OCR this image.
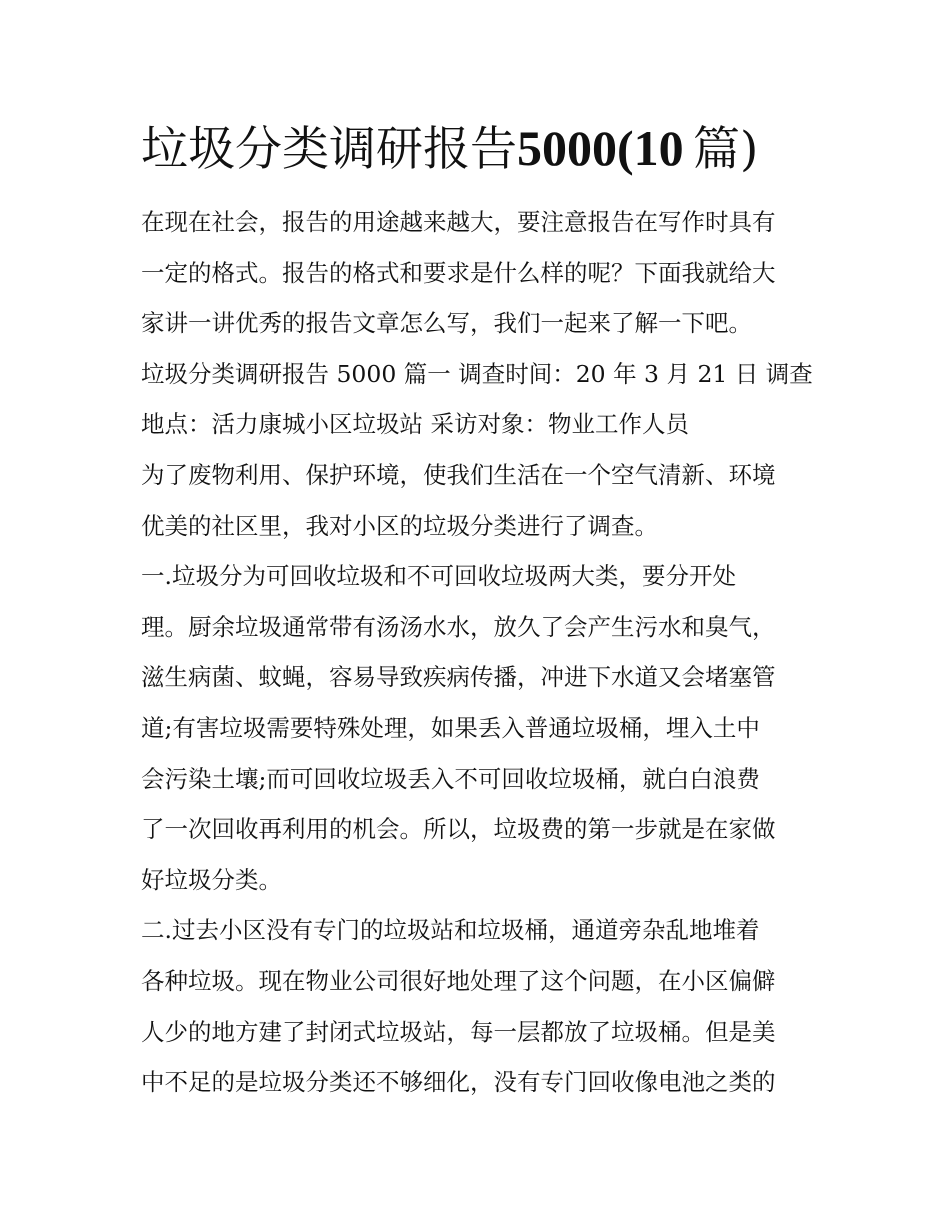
垃圾分类调研报告5000(10  篇)
在现在社会，报告的用途越来越大，要注意报告在写作时具有
一定的格式。报告的格式和要求是什么样的呢？下面我就给大
家讲一讲优秀的报告文章怎么写，我们一起来了解一下吧。
垃圾分类调研报告 5000 篇一 调查时间：20 年 3 月 21 日 调查
地点：活力康城小区垃圾站 采访对象：物业工作人员
为了废物利用、保护环境，使我们生活在一个空气清新、环境
优美的社区里，我对小区的垃圾分类进行了调查。
一.垃圾分为可回收垃圾和不可回收垃圾两大类，要分开处
理。厨余垃圾通常带有汤汤水水，放久了会产生污水和臭气，
滋生病菌、蚊蝇，容易导致疾病传播，冲进下水道又会堵塞管
道;有害垃圾需要特殊处理，如果丢入普通垃圾桶，埋入土中
会污染土壤;而可回收垃圾丢入不可回收垃圾桶，就白白浪费
了一次回收再利用的机会。所以，垃圾费的第一步就是在家做
好垃圾分类。
二.过去小区没有专门的垃圾站和垃圾桶，通道旁杂乱地堆着
各种垃圾。现在物业公司很好地处理了这个问题，在小区偏僻
人少的地方建了封闭式垃圾站，每一层都放了垃圾桶。但是美
中不足的是垃圾分类还不够细化，没有专门回收像电池之类的
